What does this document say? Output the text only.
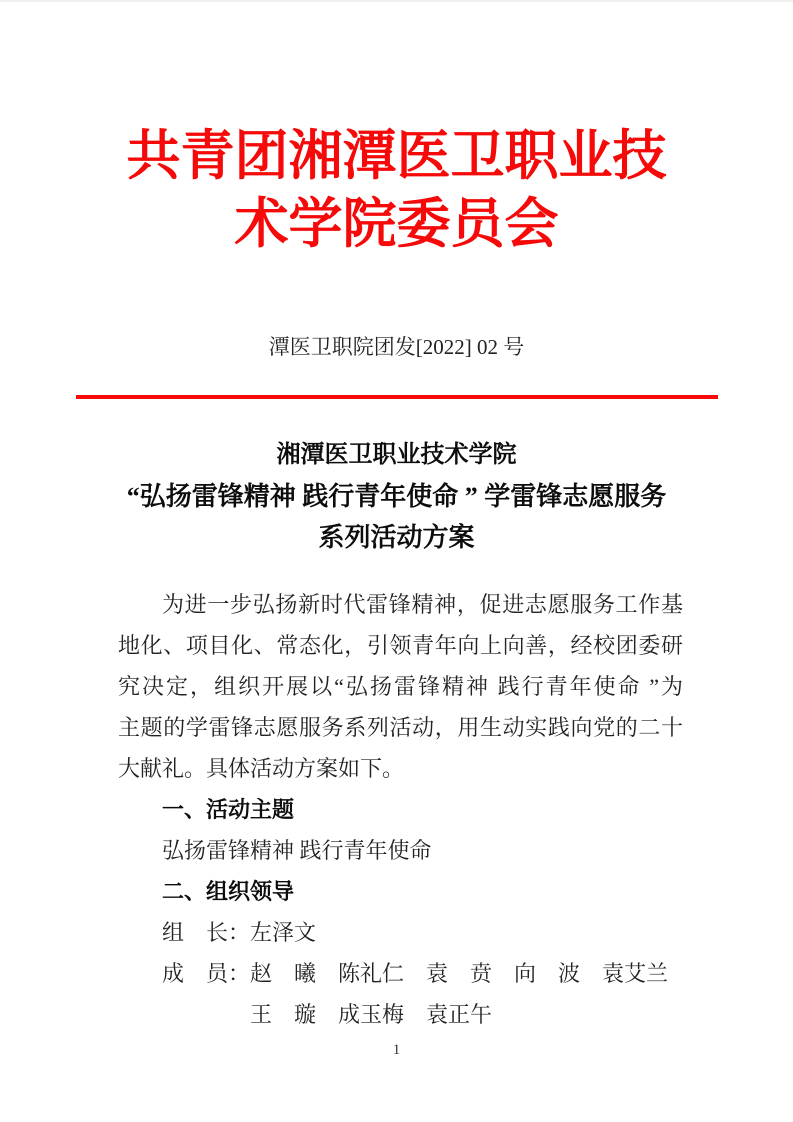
共青团湘潭医卫职业技
术学院委员会
潭医卫职院团发[2022] 02 号
湘潭医卫职业技术学院
“弘扬雷锋精神 践行青年使命 ” 学雷锋志愿服务
系列活动方案
为进一步弘扬新时代雷锋精神，促进志愿服务工作基
地化、项目化、常态化，引领青年向上向善，经校团委研
究决定，组织开展以“弘扬雷锋精神 践行青年使命 ”为
主题的学雷锋志愿服务系列活动，用生动实践向党的二十
大献礼。具体活动方案如下。
一、活动主题
弘扬雷锋精神 践行青年使命
二、组织领导
组　长： 左泽文
成　员： 赵　曦　陈礼仁　袁　贲　向　波　袁艾兰
王　璇　成玉梅　袁正午
1
